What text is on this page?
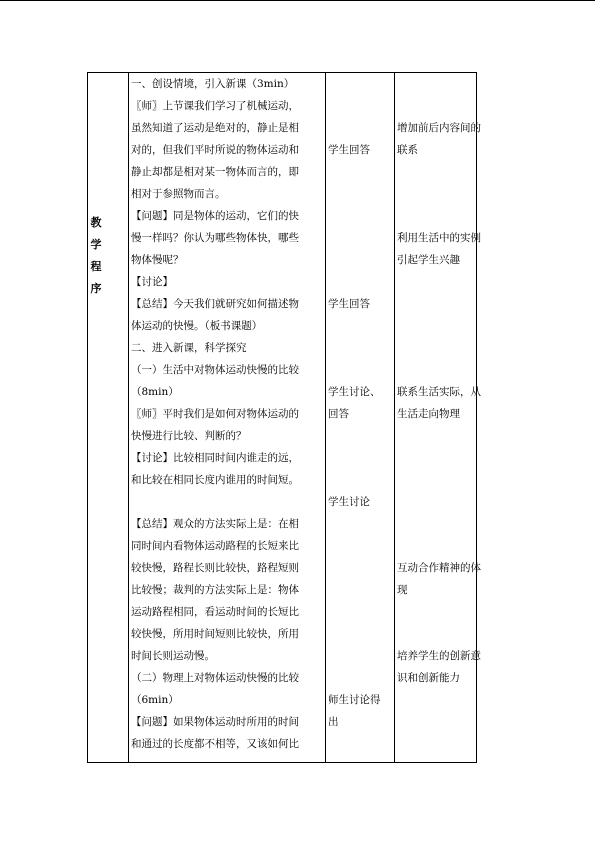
教
学
程
序
一、创设情境，引入新课（3min）
〖师〗上节课我们学习了机械运动，
虽然知道了运动是绝对的，静止是相
对的，但我们平时所说的物体运动和
静止却都是相对某一物体而言的，即
相对于参照物而言。
【问题】同是物体的运动，它们的快
慢一样吗？你认为哪些物体快，哪些
物体慢呢？
【讨论】
【总结】今天我们就研究如何描述物
体运动的快慢。（板书课题）
二、进入新课，科学探究
（一）生活中对物体运动快慢的比较
（8min）
〖师〗平时我们是如何对物体运动的
快慢进行比较、判断的？
【讨论】比较相同时间内谁走的远，
和比较在相同长度内谁用的时间短。
【总结】观众的方法实际上是：在相
同时间内看物体运动路程的长短来比
较快慢，路程长则比较快，路程短则
比较慢；裁判的方法实际上是：物体
运动路程相同，看运动时间的长短比
较快慢，所用时间短则比较快，所用
时间长则运动慢。
（二）物理上对物体运动快慢的比较
（6min）
【问题】如果物体运动时所用的时间
和通过的长度都不相等，又该如何比
学生回答
学生回答
学生讨论、
回答
学生讨论
师生讨论得
出
增加前后内容间的
联系
利用生活中的实例
引起学生兴趣
联系生活实际，从
生活走向物理
互动合作精神的体
现
培养学生的创新意
识和创新能力
